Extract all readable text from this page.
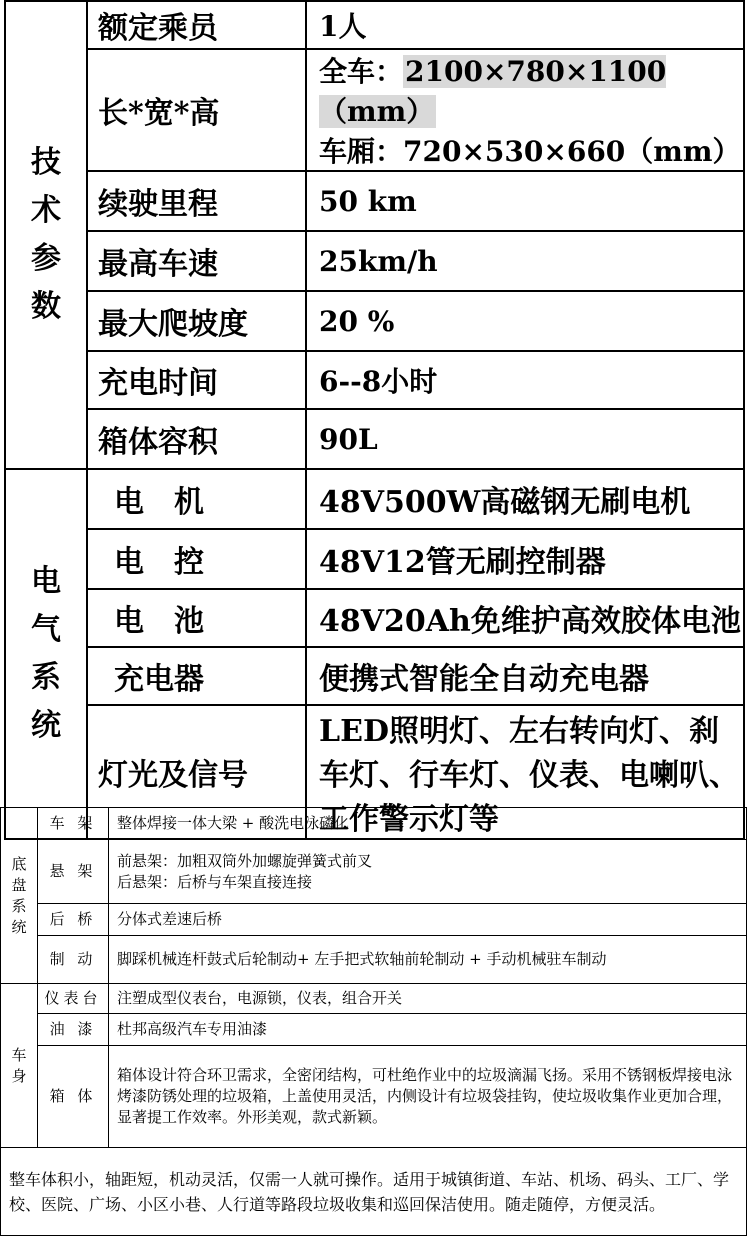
技
术
参
数	额定乘员	1人
	长*宽*高	全车：2100×780×1100（mm）
车厢：720×530×660（mm）

	续驶里程	50 km
	最高车速	25km/h
	最大爬坡度	20 %
	充电时间	6--8小时
	箱体容积	90L

电
气
系
统	电　机	48V500W高磁钢无刷电机
	电　控	48V12管无刷控制器
	电　池	48V20Ah免维护高效胶体电池
	充电器	便携式智能全自动充电器
	灯光及信号	LED照明灯、左右转向灯、刹
车灯、行车灯、仪表、电喇叭、
工作警示灯等
底
盘
系
统	车 架	整体焊接一体大梁 + 酸洗电泳磷化
	悬 架	前悬架：加粗双筒外加螺旋弹簧式前叉
后悬架：后桥与车架直接连接

	后 桥	分体式差速后桥
	制 动	脚踩机械连杆鼓式后轮制动+ 左手把式软轴前轮制动 + 手动机械驻车制动

车
身	仪表台	注塑成型仪表台，电源锁，仪表，组合开关
	油 漆	杜邦高级汽车专用油漆
	箱 体	箱体设计符合环卫需求，全密闭结构，可杜绝作业中的垃圾滴漏飞扬。采用不锈钢板焊接电泳烤漆防锈处理的垃圾箱，上盖使用灵活，内侧设计有垃圾袋挂钩，使垃圾收集作业更加合理，显著提工作效率。外形美观，款式新颖。
整车体积小，轴距短，机动灵活，仅需一人就可操作。适用于城镇街道、车站、机场、码头、工厂、学校、医院、广场、小区小巷、人行道等路段垃圾收集和巡回保洁使用。随走随停，方便灵活。		
